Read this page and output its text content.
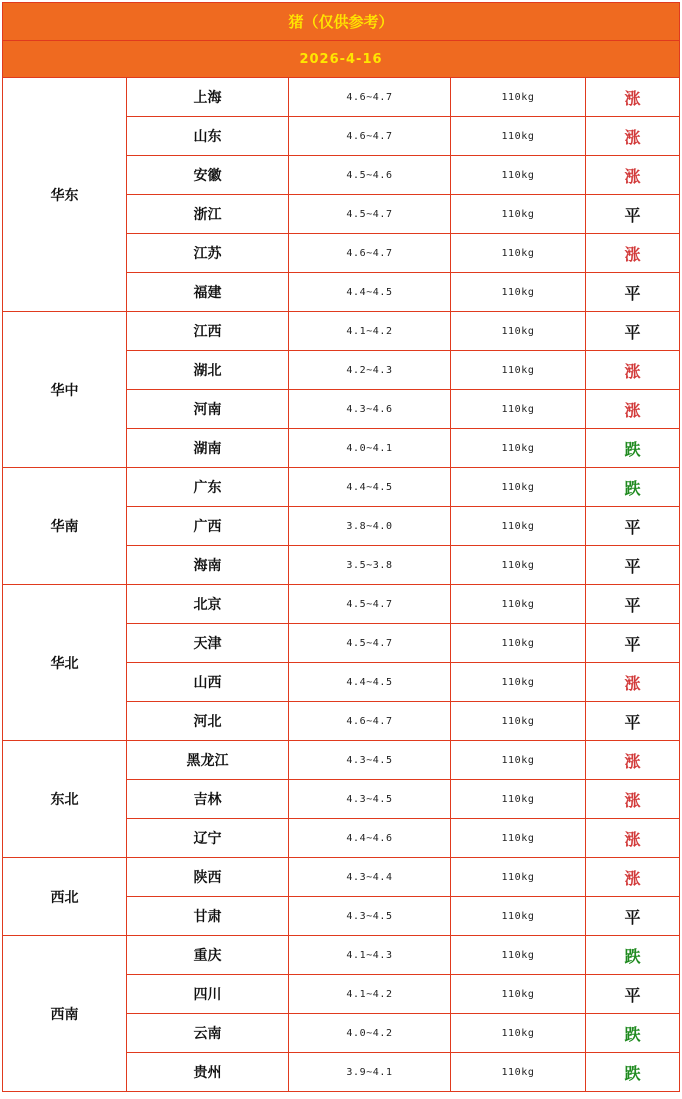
猪（仅供参考）				
2026-4-16				
华东	上海	4.6~4.7	110kg	涨
	山东	4.6~4.7	110kg	涨
	安徽	4.5~4.6	110kg	涨
	浙江	4.5~4.7	110kg	平
	江苏	4.6~4.7	110kg	涨
	福建	4.4~4.5	110kg	平
华中	江西	4.1~4.2	110kg	平
	湖北	4.2~4.3	110kg	涨
	河南	4.3~4.6	110kg	涨
	湖南	4.0~4.1	110kg	跌
华南	广东	4.4~4.5	110kg	跌
	广西	3.8~4.0	110kg	平
	海南	3.5~3.8	110kg	平
华北	北京	4.5~4.7	110kg	平
	天津	4.5~4.7	110kg	平
	山西	4.4~4.5	110kg	涨
	河北	4.6~4.7	110kg	平
东北	黑龙江	4.3~4.5	110kg	涨
	吉林	4.3~4.5	110kg	涨
	辽宁	4.4~4.6	110kg	涨
西北	陕西	4.3~4.4	110kg	涨
	甘肃	4.3~4.5	110kg	平
西南	重庆	4.1~4.3	110kg	跌
	四川	4.1~4.2	110kg	平
	云南	4.0~4.2	110kg	跌
	贵州	3.9~4.1	110kg	跌
